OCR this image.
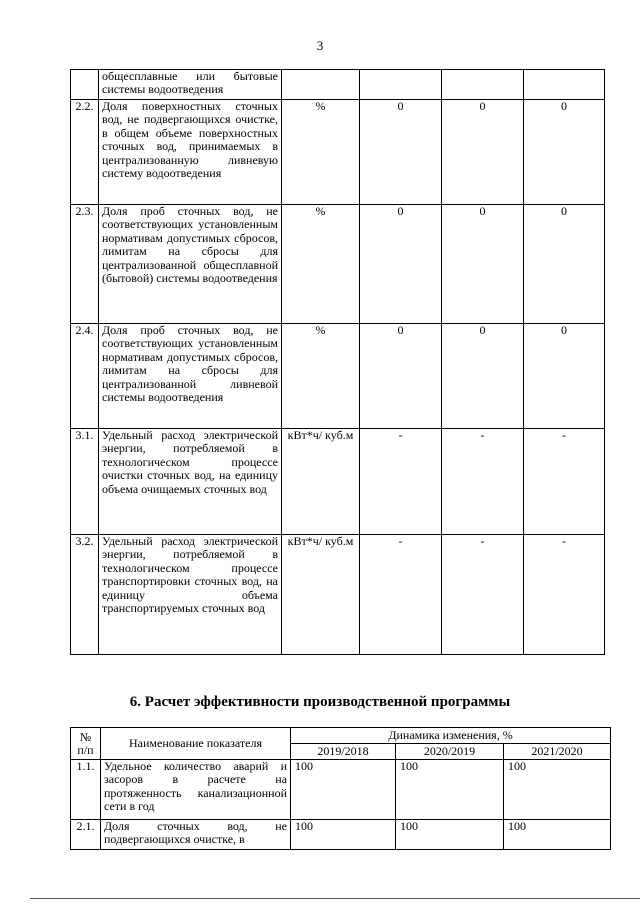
3
	общесплавные или бытовые системы водоотведения				
2.2.	Доля поверхностных сточных вод, не подвергающихся очистке, в общем объеме поверхностных сточных вод, принимаемых в централизованную ливневую систему водоотведения	%	0	0	0
2.3.	Доля проб сточных вод, не соответствующих установленным нормативам допустимых сбросов, лимитам на сбросы для централизованной общесплавной (бытовой) системы водоотведения	%	0	0	0
2.4.	Доля проб сточных вод, не соответствующих установленным нормативам допустимых сбросов, лимитам на сбросы для централизованной ливневой системы водоотведения	%	0	0	0
3.1.	Удельный расход электрической энергии, потребляемой в технологическом процессе очистки сточных вод, на единицу объема очищаемых сточных вод	кВт*ч/ куб.м	-	-	-
3.2.	Удельный расход электрической энергии, потребляемой в технологическом процессе транспортировки сточных вод, на единицу объема транспортируемых сточных вод	кВт*ч/ куб.м	-	-	-
6. Расчет эффективности производственной программы
№ п/п	Наименование показателя	Динамика изменения, %		
		2019/2018	2020/2019	2021/2020
1.1.	Удельное количество аварий и засоров в расчете на протяженность канализационной сети в год	100	100	100
2.1.	Доля сточных вод, не подвергающихся очистке, в	100	100	100
